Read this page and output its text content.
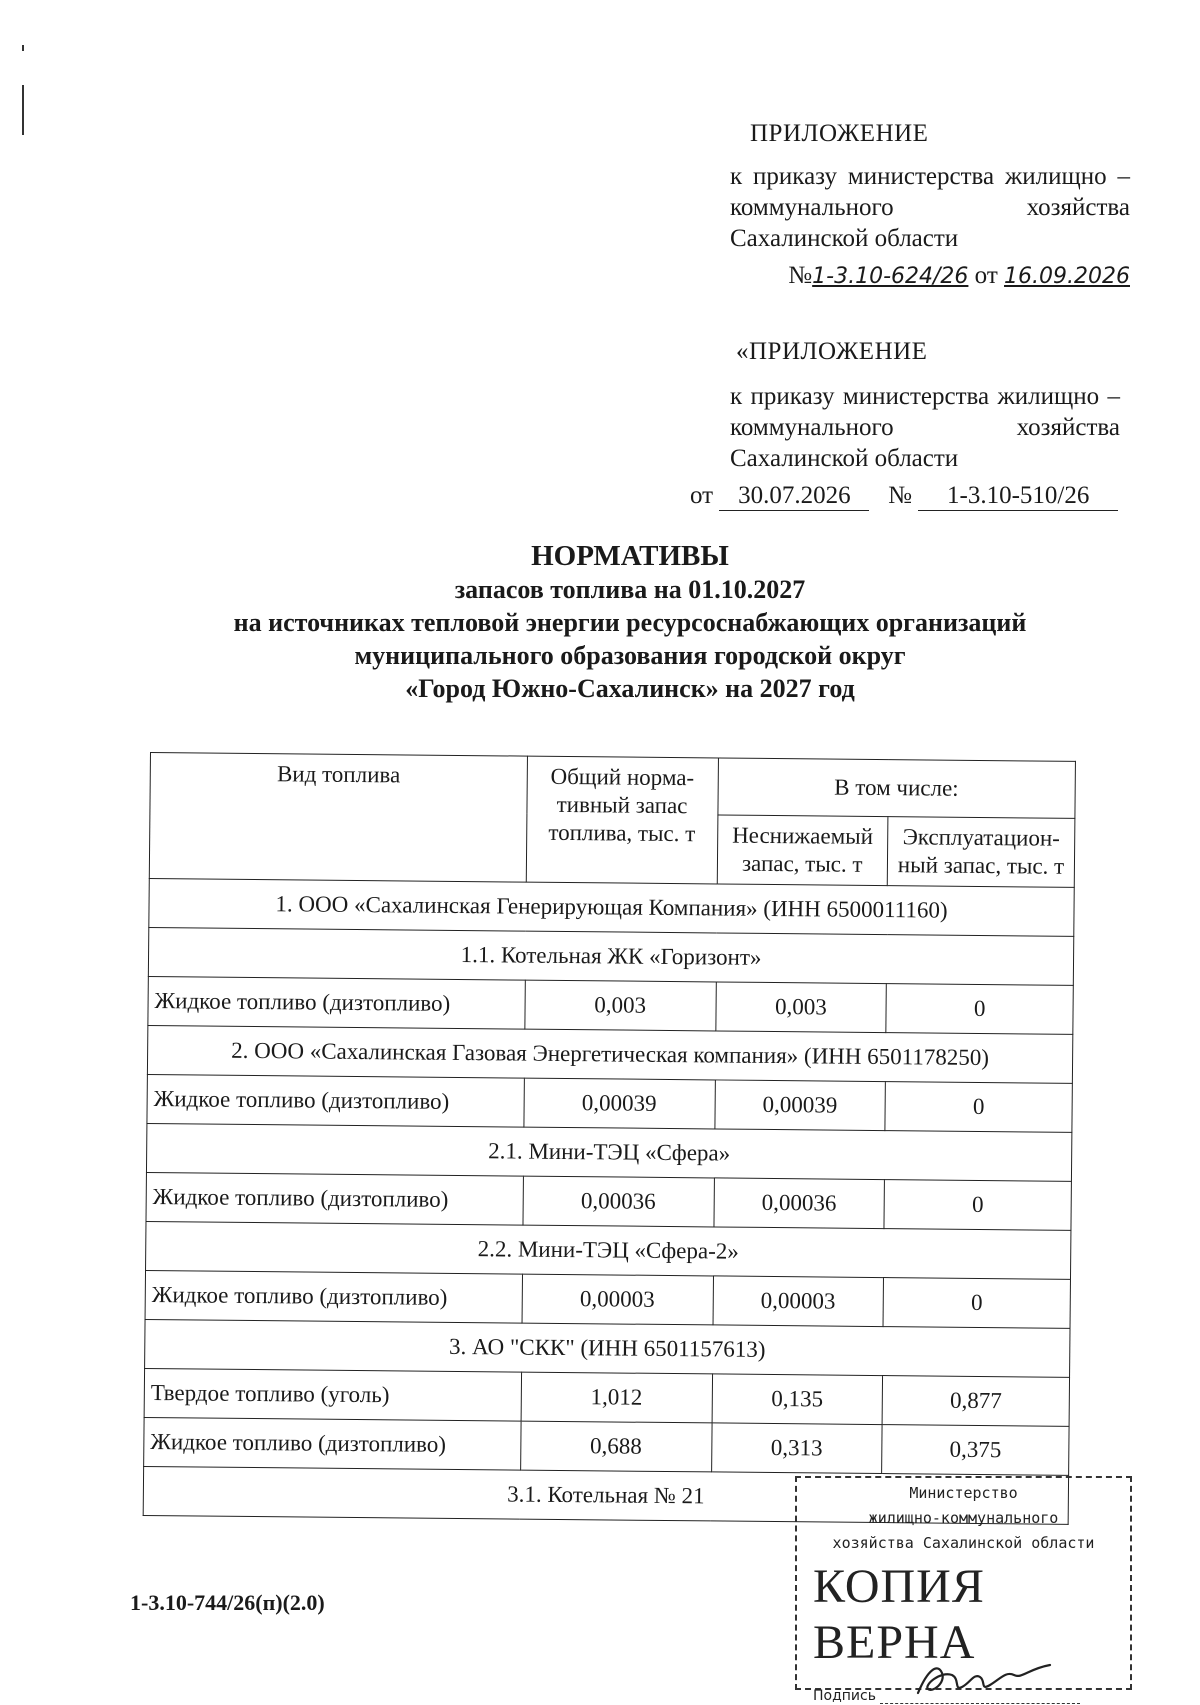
ПРИЛОЖЕНИЕ
к приказу министерства жилищно – коммунального хозяйства Сахалинской области
№1-3.10-624/26 от 16.09.2026
«ПРИЛОЖЕНИЕ
к приказу министерства жилищно – коммунального хозяйства Сахалинской области
от 30.07.2026 № 1-3.10-510/26
НОРМАТИВЫ
запасов топлива на 01.10.2027
на источниках тепловой энергии ресурсоснабжающих организаций
муниципального образования городской округ
«Город Южно-Сахалинск» на 2027 год
Вид топлива	Общий норма-тивный запас топлива, тыс. т	В том числе:	
		Неснижаемый запас, тыс. т	Эксплуатацион-ный запас, тыс. т
1. ООО «Сахалинская Генерирующая Компания» (ИНН 6500011160)			
1.1. Котельная ЖК «Горизонт»			
Жидкое топливо (дизтопливо)	0,003	0,003	0
2. ООО «Сахалинская Газовая Энергетическая компания» (ИНН 6501178250)			
Жидкое топливо (дизтопливо)	0,00039	0,00039	0
2.1. Мини-ТЭЦ «Сфера»			
Жидкое топливо (дизтопливо)	0,00036	0,00036	0
2.2. Мини-ТЭЦ «Сфера-2»			
Жидкое топливо (дизтопливо)	0,00003	0,00003	0
3. АО "СКК" (ИНН 6501157613)			
Твердое топливо (уголь)	1,012	0,135	0,877
Жидкое топливо (дизтопливо)	0,688	0,313	0,375
3.1. Котельная № 21			
1-3.10-744/26(п)(2.0)
Министерство
жилищно-коммунального
хозяйства Сахалинской области
КОПИЯ ВЕРНА
Подпись
